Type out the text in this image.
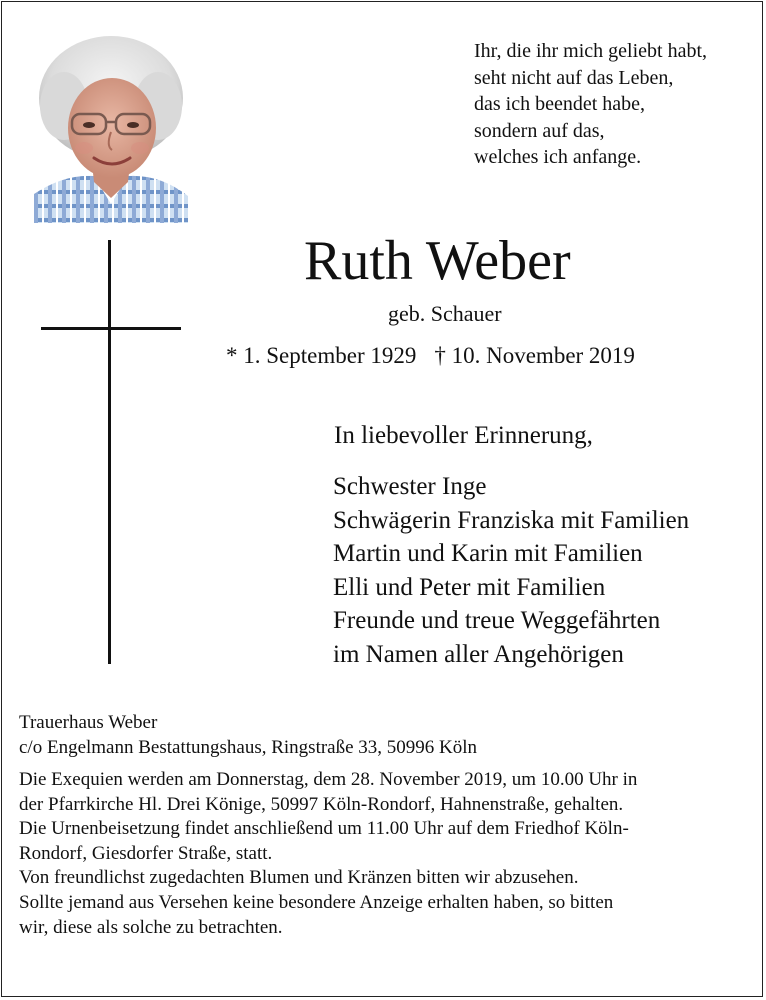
Ihr, die ihr mich geliebt habt,
seht nicht auf das Leben,
das ich beendet habe,
sondern auf das,
welches ich anfange.
Ruth Weber
geb. Schauer
* 1. September 1929 † 10. November 2019
In liebevoller Erinnerung,
Schwester Inge
Schwägerin Franziska mit Familien
Martin und Karin mit Familien
Elli und Peter mit Familien
Freunde und treue Weggefährten
im Namen aller Angehörigen
Trauerhaus Weber
c/o Engelmann Bestattungshaus, Ringstraße 33, 50996 Köln
Die Exequien werden am Donnerstag, dem 28. November 2019, um 10.00 Uhr in
der Pfarrkirche Hl. Drei Könige, 50997 Köln-Rondorf, Hahnenstraße, gehalten.
Die Urnenbeisetzung findet anschließend um 11.00 Uhr auf dem Friedhof Köln-
Rondorf, Giesdorfer Straße, statt.
Von freundlichst zugedachten Blumen und Kränzen bitten wir abzusehen.
Sollte jemand aus Versehen keine besondere Anzeige erhalten haben, so bitten
wir, diese als solche zu betrachten.
